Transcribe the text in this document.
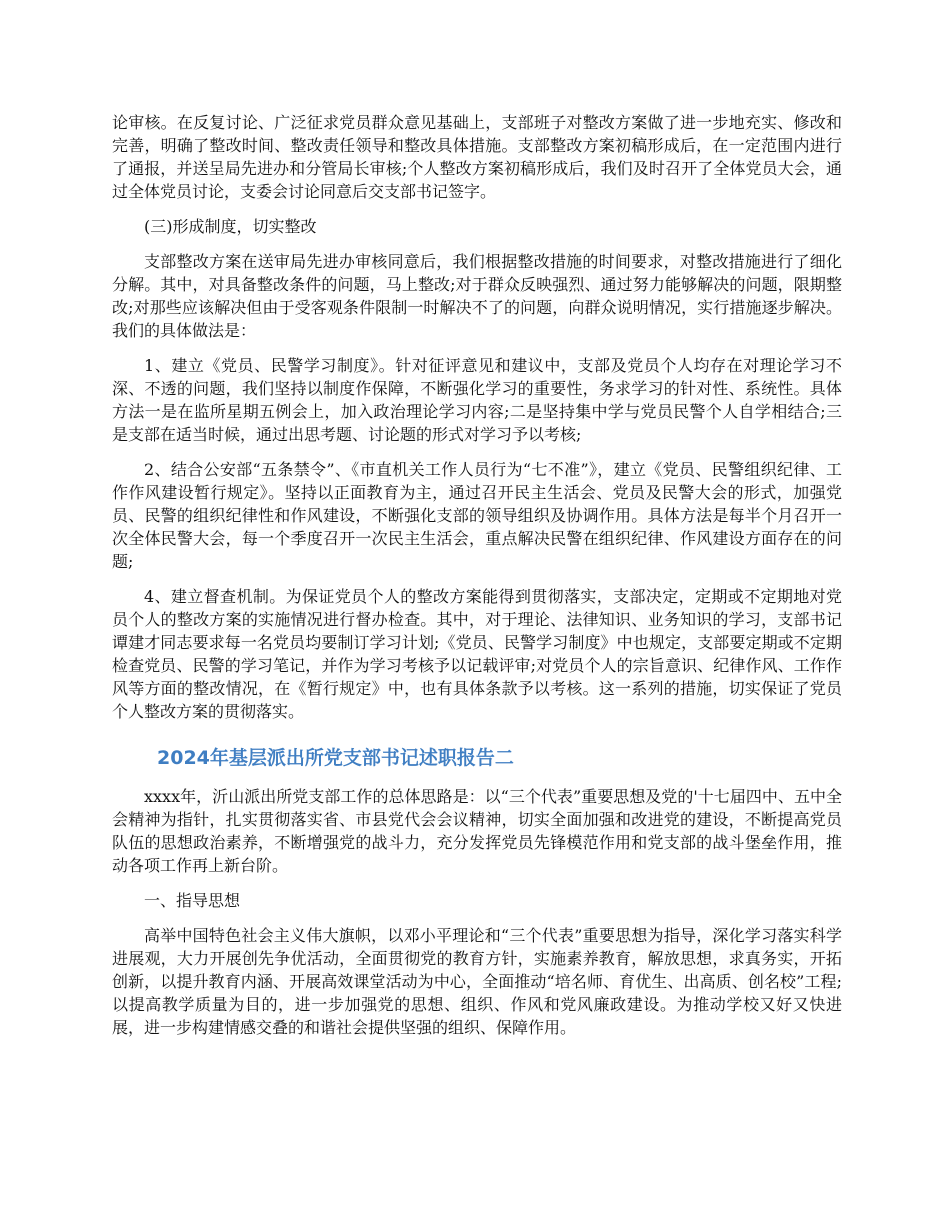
论审核。在反复讨论、广泛征求党员群众意见基础上，支部班子对整改方案做了进一步地充实、修改和完善，明确了整改时间、整改责任领导和整改具体措施。支部整改方案初稿形成后，在一定范围内进行了通报，并送呈局先进办和分管局长审核;个人整改方案初稿形成后，我们及时召开了全体党员大会，通过全体党员讨论，支委会讨论同意后交支部书记签字。

(三)形成制度，切实整改

支部整改方案在送审局先进办审核同意后，我们根据整改措施的时间要求，对整改措施进行了细化分解。其中，对具备整改条件的问题，马上整改;对于群众反映强烈、通过努力能够解决的问题，限期整改;对那些应该解决但由于受客观条件限制一时解决不了的问题，向群众说明情况，实行措施逐步解决。我们的具体做法是：

1、建立《党员、民警学习制度》。针对征评意见和建议中，支部及党员个人均存在对理论学习不深、不透的问题，我们坚持以制度作保障，不断强化学习的重要性，务求学习的针对性、系统性。具体方法一是在监所星期五例会上，加入政治理论学习内容;二是坚持集中学与党员民警个人自学相结合;三是支部在适当时候，通过出思考题、讨论题的形式对学习予以考核;

2、结合公安部“五条禁令”、《市直机关工作人员行为“七不准”》，建立《党员、民警组织纪律、工作作风建设暂行规定》。坚持以正面教育为主，通过召开民主生活会、党员及民警大会的形式，加强党员、民警的组织纪律性和作风建设，不断强化支部的领导组织及协调作用。具体方法是每半个月召开一次全体民警大会，每一个季度召开一次民主生活会，重点解决民警在组织纪律、作风建设方面存在的问题;

4、建立督查机制。为保证党员个人的整改方案能得到贯彻落实，支部决定，定期或不定期地对党员个人的整改方案的实施情况进行督办检查。其中，对于理论、法律知识、业务知识的学习，支部书记谭建才同志要求每一名党员均要制订学习计划;《党员、民警学习制度》中也规定，支部要定期或不定期检查党员、民警的学习笔记，并作为学习考核予以记载评审;对党员个人的宗旨意识、纪律作风、工作作风等方面的整改情况，在《暂行规定》中，也有具体条款予以考核。这一系列的措施，切实保证了党员个人整改方案的贯彻落实。

2024年基层派出所党支部书记述职报告二

xxxx年，沂山派出所党支部工作的总体思路是：以“三个代表”重要思想及党的'十七届四中、五中全会精神为指针，扎实贯彻落实省、市县党代会会议精神，切实全面加强和改进党的建设，不断提高党员队伍的思想政治素养，不断增强党的战斗力，充分发挥党员先锋模范作用和党支部的战斗堡垒作用，推动各项工作再上新台阶。

一、指导思想

高举中国特色社会主义伟大旗帜，以邓小平理论和“三个代表”重要思想为指导，深化学习落实科学进展观，大力开展创先争优活动，全面贯彻党的教育方针，实施素养教育，解放思想，求真务实，开拓创新，以提升教育内涵、开展高效课堂活动为中心，全面推动“培名师、育优生、出高质、创名校”工程;以提高教学质量为目的，进一步加强党的思想、组织、作风和党风廉政建设。为推动学校又好又快进展，进一步构建情感交叠的和谐社会提供坚强的组织、保障作用。
